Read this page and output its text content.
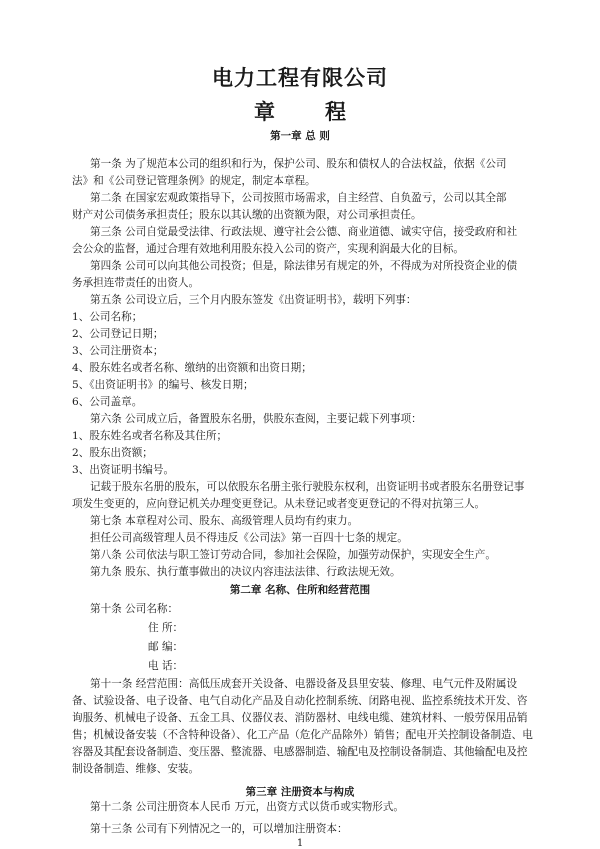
电力工程有限公司
章 程
第一章 总 则
第一条 为了规范本公司的组织和行为，保护公司、股东和债权人的合法权益，依据《公司
法》和《公司登记管理条例》的规定，制定本章程。
第二条 在国家宏观政策指导下，公司按照市场需求，自主经营、自负盈亏，公司以其全部
财产对公司债务承担责任；股东以其认缴的出资额为限，对公司承担责任。
第三条 公司自觉最受法律、行政法规、遵守社会公德、商业道德、诚实守信，接受政府和社
会公众的监督，通过合理有效地利用股东投入公司的资产，实现利润最大化的目标。
第四条 公司可以向其他公司投资；但是，除法律另有规定的外，不得成为对所投资企业的债
务承担连带责任的出资人。
第五条 公司设立后，三个月内股东签发《出资证明书》，载明下列事：
1、公司名称；
2、公司登记日期；
3、公司注册资本；
4、股东姓名或者名称、缴纳的出资额和出资日期；
5、《出资证明书》的编号、核发日期；
6、公司盖章。
第六条 公司成立后，备置股东名册，供股东查阅，主要记载下列事项：
1、股东姓名或者名称及其住所；
2、股东出资额；
3、出资证明书编号。
记载于股东名册的股东，可以依股东名册主张行驶股东权利，出资证明书或者股东名册登记事
项发生变更的，应向登记机关办理变更登记。从未登记或者变更登记的不得对抗第三人。
第七条 本章程对公司、股东、高级管理人员均有约束力。
担任公司高级管理人员不得违反《公司法》第一百四十七条的规定。
第八条 公司依法与职工签订劳动合同，参加社会保险，加强劳动保护，实现安全生产。
第九条 股东、执行董事做出的决议内容违法法律、行政法规无效。
第二章 名称、住所和经营范围
第十条 公司名称：
住 所：
邮 编：
电 话：
第十一条 经营范围：高低压成套开关设备、电器设备及县里安装、修理、电气元件及附属设
备、试验设备、电子设备、电气自动化产品及自动化控制系统、闭路电视、监控系统技术开发、咨
询服务、机械电子设备、五金工具、仪器仪表、消防器材、电线电缆、建筑材料、一般劳保用品销
售；机械设备安装（不含特种设备）、化工产品（危化产品除外）销售；配电开关控制设备制造、电
容器及其配套设备制造、变压器、整流器、电感器制造、输配电及控制设备制造、其他输配电及控
制设备制造、维修、安装。
第三章 注册资本与构成
第十二条 公司注册资本人民币 万元，出资方式以货币或实物形式。
第十三条 公司有下列情况之一的，可以增加注册资本：
1
